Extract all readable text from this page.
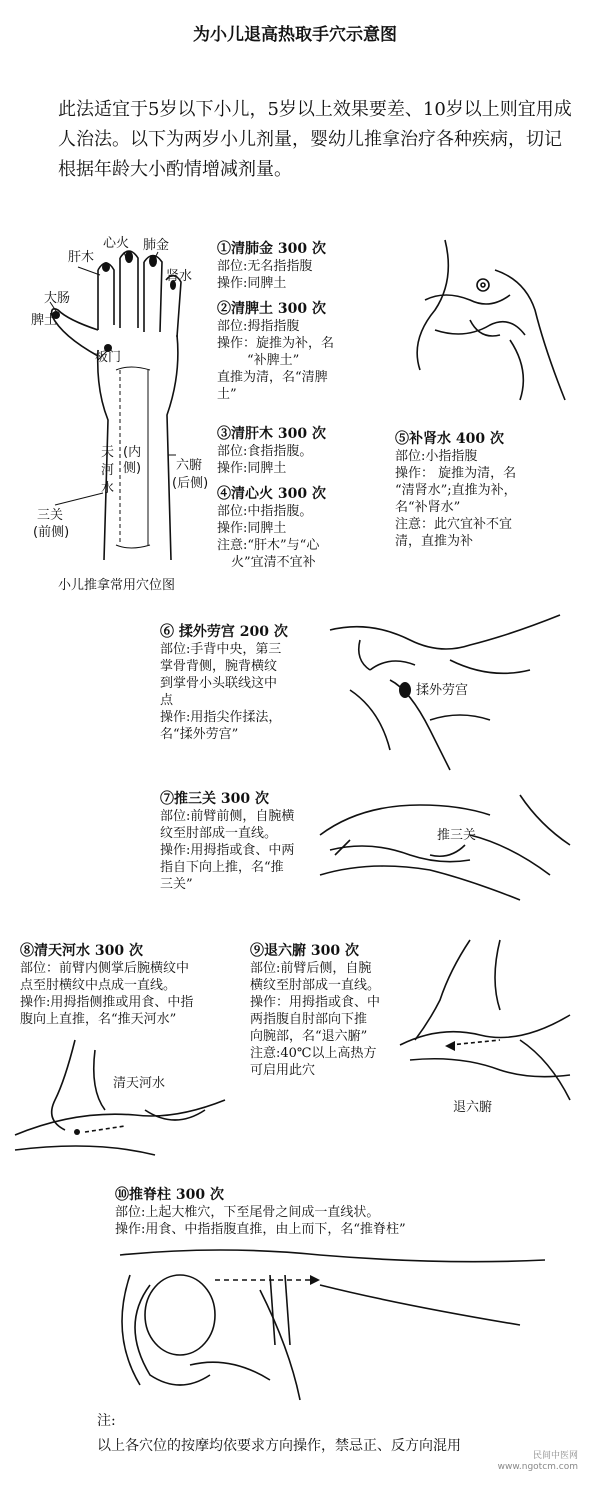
为小儿退高热取手穴示意图

此法适宜于5岁以下小儿，5岁以上效果要差、10岁以上则宜用成人治法。以下为两岁小儿剂量，婴幼儿推拿治疗各种疾病，切记根据年龄大小酌情增减剂量。

肝木
心火 肺金
肾水
大肠
脾土
板门
天
河
水
(内侧)	六腑
(后侧)
三关
(前侧)
小儿推拿常用穴位图
①清肺金 300 次
部位:无名指指腹
操作:同脾土
②清脾土 300 次
部位:拇指指腹
操作：旋推为补，名
“补脾土”
直推为清，名“清脾
土”
③清肝木 300 次
部位:食指指腹。
操作:同脾土
④清心火 300 次
部位:中指指腹。
操作:同脾土
注意:“肝木”与“心
火”宜清不宜补
⑤补肾水 400 次
部位:小指指腹
操作： 旋推为清，名
“清肾水”;直推为补，
名“补肾水”
注意：此穴宜补不宜
清，直推为补
⑥ 揉外劳宫 200 次
部位:手背中央，第三
掌骨背侧，腕背横纹
到掌骨小头联线这中
点
操作:用指尖作揉法，
名“揉外劳宫”
揉外劳宫
⑦推三关 300 次
部位:前臂前侧，自腕横
纹至肘部成一直线。
操作:用拇指或食、中两
指自下向上推，名“推
三关”
推三关
⑧清天河水 300 次
部位：前臂内侧掌后腕横纹中
点至肘横纹中点成一直线。
操作:用拇指侧推或用食、中指
腹向上直推，名“推天河水”
清天河水
⑨退六腑 300 次
部位:前臂后侧，自腕
横纹至肘部成一直线。
操作：用拇指或食、中
两指腹自肘部向下推
向腕部，名“退六腑”
注意:40℃以上高热方
可启用此穴
退六腑
⑩推脊柱 300 次
部位:上起大椎穴，下至尾骨之间成一直线状。
操作:用食、中指指腹直推，由上而下，名“推脊柱”
注:
以上各穴位的按摩均依要求方向操作，禁忌正、反方向混用
民间中医网
www.ngotcm.com
